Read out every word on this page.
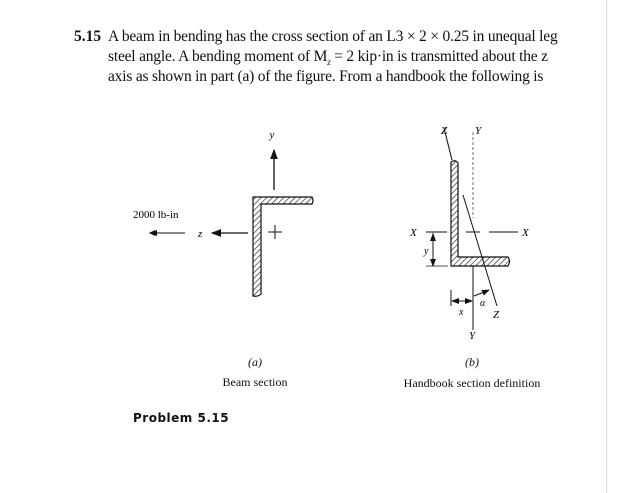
5.15 A beam in bending has the cross section of an L3 × 2 × 0.25 in unequal leg
steel angle. A bending moment of $M_z = 2$ kip·in is transmitted about the z
axis as shown in part (a) of the figure. From a handbook the following is
y
z
2000 lb-in
Z	Y
X	X
y
x
α
Z
Y
(a)
Beam section
(b)
Handbook section definition
Problem 5.15
